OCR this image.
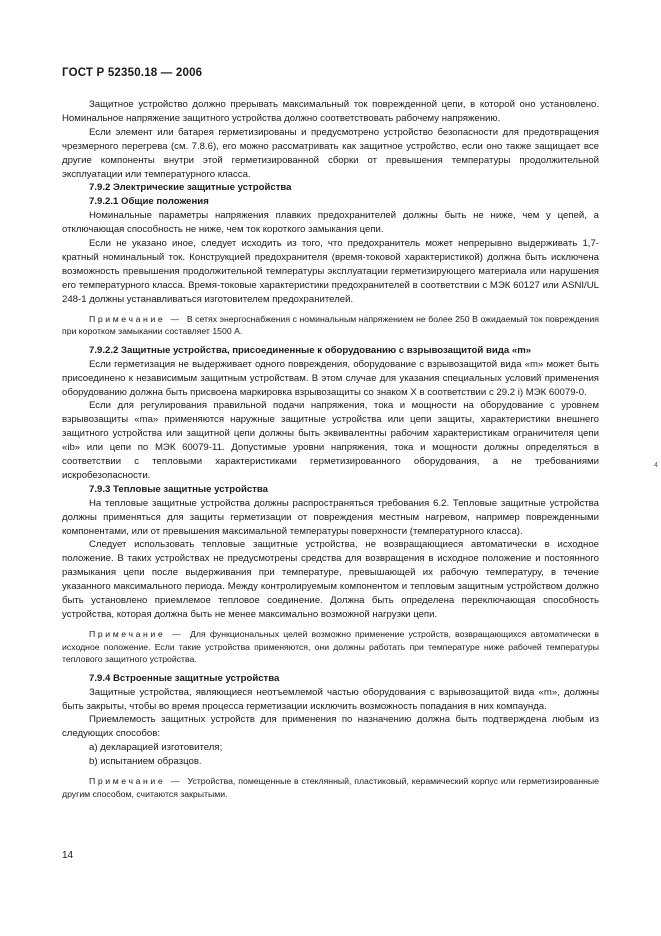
ГОСТ Р 52350.18 — 2006

Защитное устройство должно прерывать максимальный ток поврежденной цепи, в которой оно установлено. Номинальное напряжение защитного устройства должно соответствовать рабочему напряжению.

Если элемент или батарея герметизированы и предусмотрено устройство безопасности для предотвращения чрезмерного перегрева (см. 7.8.6), его можно рассматривать как защитное устройство, если оно также защищает все другие компоненты внутри этой герметизированной сборки от превышения температуры продолжительной эксплуатации или температурного класса.

7.9.2 Электрические защитные устройства

7.9.2.1 Общие положения

Номинальные параметры напряжения плавких предохранителей должны быть не ниже, чем у цепей, а отключающая способность не ниже, чем ток короткого замыкания цепи.

Если не указано иное, следует исходить из того, что предохранитель может непрерывно выдерживать 1,7-кратный номинальный ток. Конструкцией предохранителя (время-токовой характеристикой) должна быть исключена возможность превышения продолжительной температуры эксплуатации герметизирующего материала или нарушения его температурного класса. Время-токовые характеристики предохранителей в соответствии с МЭК 60127 или ASNI/UL 248-1 должны устанавливаться изготовителем предохранителей.

Примечание — В сетях энергоснабжения с номинальным напряжением не более 250 В ожидаемый ток повреждения при коротком замыкании составляет 1500 А.

7.9.2.2 Защитные устройства, присоединенные к оборудованию с взрывозащитой вида «m»

Если герметизация не выдерживает одного повреждения, оборудование с взрывозащитой вида «m» может быть присоединено к независимым защитным устройствам. В этом случае для указания специальных условий применения оборудованию должна быть присвоена маркировка взрывозащиты со знаком X в соответствии с 29.2 i) МЭК 60079-0.

Если для регулирования правильной подачи напряжения, тока и мощности на оборудование с уровнем взрывозащиты «ma» применяются наружные защитные устройства или цепи защиты, характеристики внешнего защитного устройства или защитной цепи должны быть эквивалентны рабочим характеристикам ограничителя цепи «ib» или цепи по МЭК 60079-11. Допустимые уровни напряжения, тока и мощности должны определяться в соответствии с тепловыми характеристиками герметизированного оборудования, а не требованиями искробезопасности.

7.9.3 Тепловые защитные устройства

На тепловые защитные устройства должны распространяться требования 6.2. Тепловые защитные устройства должны применяться для защиты герметизации от повреждения местным нагревом, например поврежденными компонентами, или от превышения максимальной температуры поверхности (температурного класса).

Следует использовать тепловые защитные устройства, не возвращающиеся автоматически в исходное положение. В таких устройствах не предусмотрены средства для возвращения в исходное положение и постоянного размыкания цепи после выдерживания при температуре, превышающей их рабочую температуру, в течение указанного максимального периода. Между контролируемым компонентом и тепловым защитным устройством должно быть установлено приемлемое тепловое соединение. Должна быть определена переключающая способность устройства, которая должна быть не менее максимально возможной нагрузки цепи.

Примечание — Для функциональных целей возможно применение устройств, возвращающихся автоматически в исходное положение. Если такие устройства применяются, они должны работать при температуре ниже рабочей температуры теплового защитного устройства.

7.9.4 Встроенные защитные устройства

Защитные устройства, являющиеся неотъемлемой частью оборудования с взрывозащитой вида «m», должны быть закрыты, чтобы во время процесса герметизации исключить возможность попадания в них компаунда.

Приемлемость защитных устройств для применения по назначению должна быть подтверждена любым из следующих способов:

а) декларацией изготовителя;

b) испытанием образцов.

Примечание — Устройства, помещенные в стеклянный, пластиковый, керамический корпус или герметизированные другим способом, считаются закрытыми.

14
4
